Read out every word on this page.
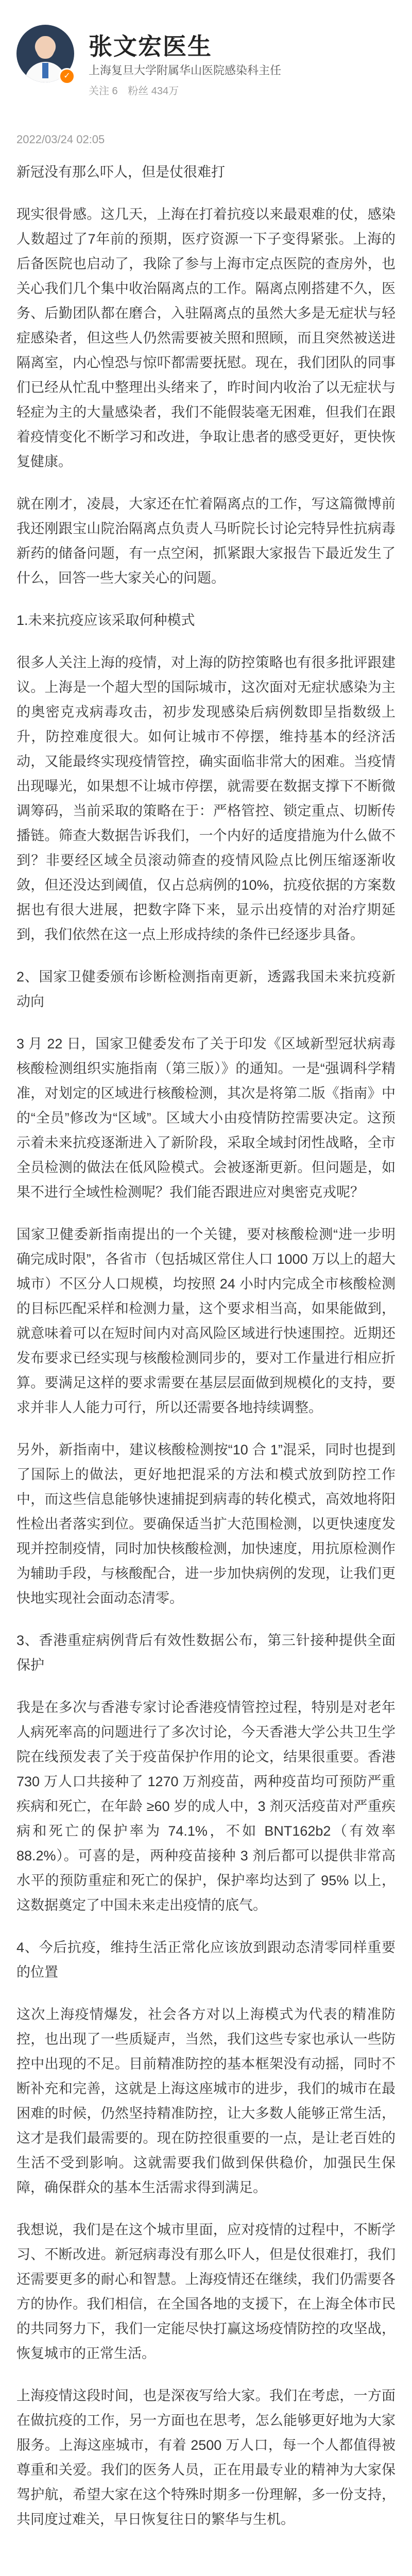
✓
张文宏医生
上海复旦大学附属华山医院感染科主任
关注 6 粉丝 434万
2022/03/24 02:05

新冠没有那么吓人，但是仗很难打

现实很骨感。这几天，上海在打着抗疫以来最艰难的仗，感染人数超过了7年前的预期，医疗资源一下子变得紧张。上海的后备医院也启动了，我除了参与上海市定点医院的查房外，也关心我们几个集中收治隔离点的工作。隔离点刚搭建不久，医务、后勤团队都在磨合，入驻隔离点的虽然大多是无症状与轻症感染者，但这些人仍然需要被关照和照顾，而且突然被送进隔离室，内心惶恐与惊吓都需要抚慰。现在，我们团队的同事们已经从忙乱中整理出头绪来了，昨时间内收治了以无症状与轻症为主的大量感染者，我们不能假装毫无困难，但我们在跟着疫情变化不断学习和改进，争取让患者的感受更好，更快恢复健康。

就在刚才，凌晨，大家还在忙着隔离点的工作，写这篇微博前我还刚跟宝山院治隔离点负责人马昕院长讨论完特异性抗病毒新药的储备问题，有一点空闲，抓紧跟大家报告下最近发生了什么，回答一些大家关心的问题。

1.未来抗疫应该采取何种模式

很多人关注上海的疫情，对上海的防控策略也有很多批评跟建议。上海是一个超大型的国际城市，这次面对无症状感染为主的奥密克戎病毒攻击，初步发现感染后病例数即呈指数级上升，防控难度很大。如何让城市不停摆，维持基本的经济活动，又能最终实现疫情管控，确实面临非常大的困难。当疫情出现曝光，如果想不让城市停摆，就需要在数据支撑下不断微调筹码，当前采取的策略在于：严格管控、锁定重点、切断传播链。筛查大数据告诉我们，一个内好的适度措施为什么做不到？非要经区域全员滚动筛查的疫情风险点比例压缩逐渐收敛，但还没达到阈值，仅占总病例的10%，抗疫依据的方案数据也有很大进展，把数字降下来，显示出疫情的对治疗期延到，我们依然在这一点上形成持续的条件已经逐步具备。

2、国家卫健委颁布诊断检测指南更新，透露我国未来抗疫新动向

3 月 22 日，国家卫健委发布了关于印发《区域新型冠状病毒核酸检测组织实施指南（第三版）》的通知。一是“强调科学精准，对划定的区域进行核酸检测，其次是将第二版《指南》中的“全员”修改为“区域”。区域大小由疫情防控需要决定。这预示着未来抗疫逐渐进入了新阶段，采取全域封闭性战略，全市全员检测的做法在低风险模式。会被逐渐更新。但问题是，如果不进行全域性检测呢？我们能否跟进应对奥密克戎呢？

国家卫健委新指南提出的一个关键，要对核酸检测“进一步明确完成时限”，各省市（包括城区常住人口 1000 万以上的超大城市）不区分人口规模，均按照 24 小时内完成全市核酸检测的目标匹配采样和检测力量，这个要求相当高，如果能做到，就意味着可以在短时间内对高风险区域进行快速围控。近期还发布要求已经实现与核酸检测同步的，要对工作量进行相应折算。要满足这样的要求需要在基层层面做到规模化的支持，要求并非人人能力可行，所以还需要各地持续调整。

另外，新指南中，建议核酸检测按“10 合 1”混采，同时也提到了国际上的做法，更好地把混采的方法和模式放到防控工作中，而这些信息能够快速捕捉到病毒的转化模式，高效地将阳性检出者落实到位。要确保适当扩大范围检测，以更快速度发现并控制疫情，同时加快核酸检测，加快速度，用抗原检测作为辅助手段，与核酸配合，进一步加快病例的发现，让我们更快地实现社会面动态清零。

3、香港重症病例背后有效性数据公布，第三针接种提供全面保护

我是在多次与香港专家讨论香港疫情管控过程，特别是对老年人病死率高的问题进行了多次讨论，今天香港大学公共卫生学院在线预发表了关于疫苗保护作用的论文，结果很重要。香港 730 万人口共接种了 1270 万剂疫苗，两种疫苗均可预防严重疾病和死亡，在年龄 ≥60 岁的成人中，3 剂灭活疫苗对严重疾病和死亡的保护率为 74.1%，不如 BNT162b2（有效率 88.2%）。可喜的是，两种疫苗接种 3 剂后都可以提供非常高水平的预防重症和死亡的保护，保护率均达到了 95% 以上，这数据奠定了中国未来走出疫情的底气。

4、今后抗疫，维持生活正常化应该放到跟动态清零同样重要的位置

这次上海疫情爆发，社会各方对以上海模式为代表的精准防控，也出现了一些质疑声，当然，我们这些专家也承认一些防控中出现的不足。目前精准防控的基本框架没有动摇，同时不断补充和完善，这就是上海这座城市的进步，我们的城市在最困难的时候，仍然坚持精准防控，让大多数人能够正常生活，这才是我们最需要的。现在防控很重要的一点，是让老百姓的生活不受到影响。这就需要我们做到保供稳价，加强民生保障，确保群众的基本生活需求得到满足。

我想说，我们是在这个城市里面，应对疫情的过程中，不断学习、不断改进。新冠病毒没有那么吓人，但是仗很难打，我们还需要更多的耐心和智慧。上海疫情还在继续，我们仍需要各方的协作。我们相信，在全国各地的支援下，在上海全体市民的共同努力下，我们一定能尽快打赢这场疫情防控的攻坚战，恢复城市的正常生活。

上海疫情这段时间，也是深夜写给大家。我们在考虑，一方面在做抗疫的工作，另一方面也在思考，怎么能够更好地为大家服务。上海这座城市，有着 2500 万人口，每一个人都值得被尊重和关爱。我们的医务人员，正在用最专业的精神为大家保驾护航，希望大家在这个特殊时期多一份理解，多一份支持，共同度过难关，早日恢复往日的繁华与生机。
